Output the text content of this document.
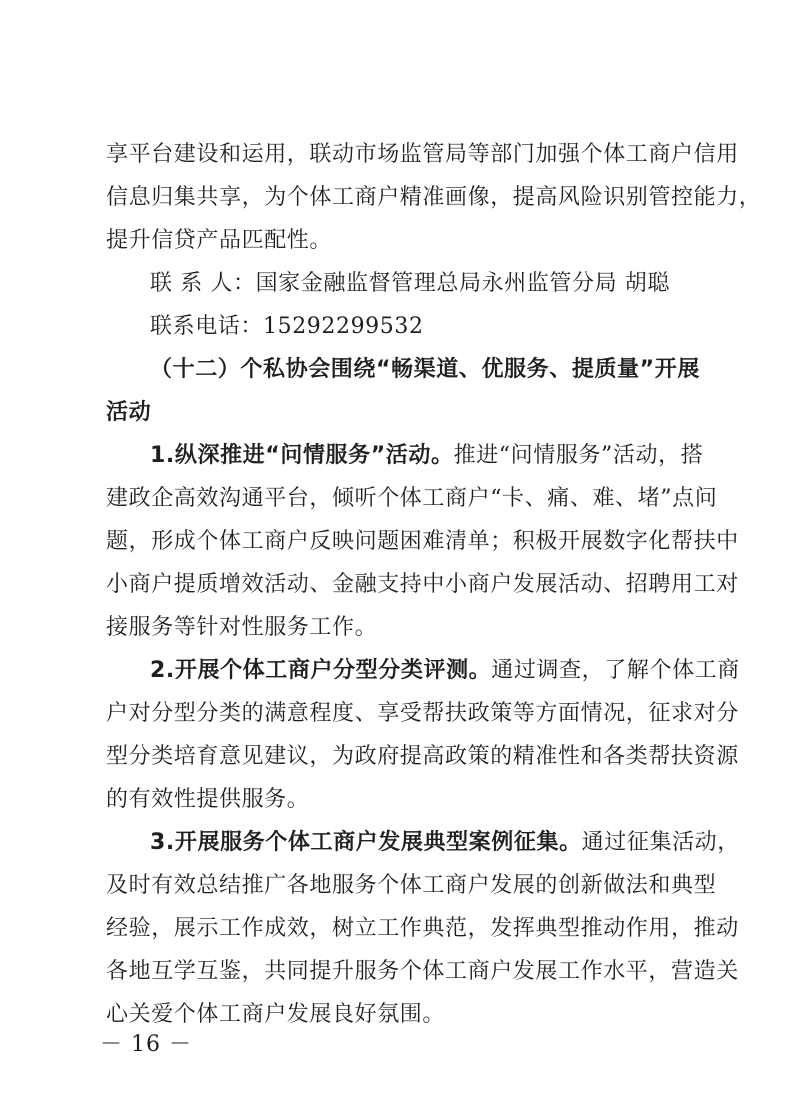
享平台建设和运用，联动市场监管局等部门加强个体工商户信用
信息归集共享，为个体工商户精准画像，提高风险识别管控能力，
提升信贷产品匹配性。
联 系 人：国家金融监督管理总局永州监管分局 胡聪
联系电话：15292299532
（十二）个私协会围绕“畅渠道、优服务、提质量”开展
活动
1.纵深推进“问情服务”活动。推进“问情服务”活动，搭
建政企高效沟通平台，倾听个体工商户“卡、痛、难、堵”点问
题，形成个体工商户反映问题困难清单；积极开展数字化帮扶中
小商户提质增效活动、金融支持中小商户发展活动、招聘用工对
接服务等针对性服务工作。
2.开展个体工商户分型分类评测。通过调查，了解个体工商
户对分型分类的满意程度、享受帮扶政策等方面情况，征求对分
型分类培育意见建议，为政府提高政策的精准性和各类帮扶资源
的有效性提供服务。
3.开展服务个体工商户发展典型案例征集。通过征集活动，
及时有效总结推广各地服务个体工商户发展的创新做法和典型
经验，展示工作成效，树立工作典范，发挥典型推动作用，推动
各地互学互鉴，共同提升服务个体工商户发展工作水平，营造关
心关爱个体工商户发展良好氛围。
－ 16 －
